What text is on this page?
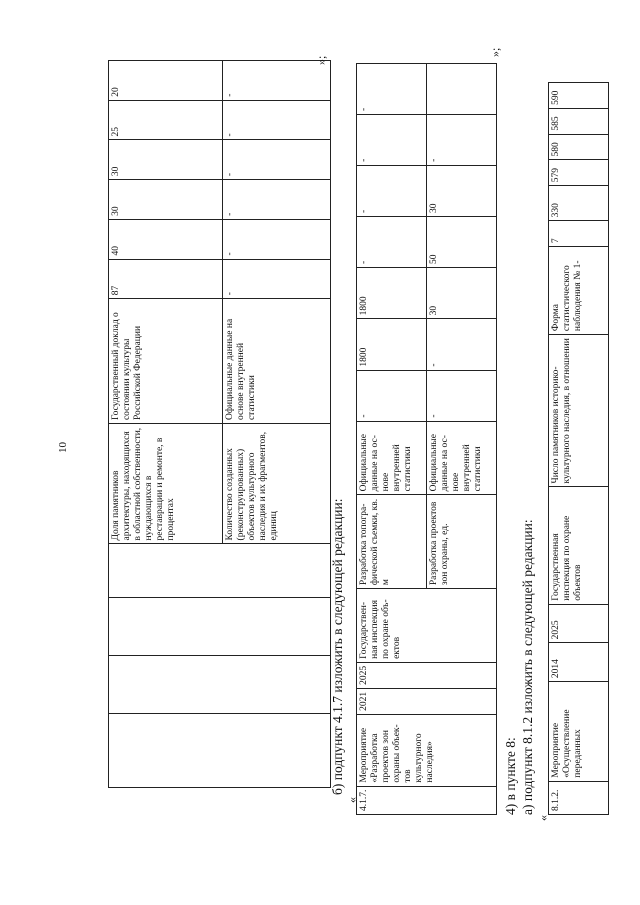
10
				Доля памятников архитектуры, находящихся в областной собственности, нуждающихся в реставрации и ремонте, в процентах	Государственный доклад о состоянии культуры Российской Федерации	87	40	30	30	25	20
				Количество созданных (реконструированных) объектов культурного наследия и их фрагментов, единиц	Официальные данные на основе внутренней статистики	-	-	-	-	-	-
»;
б) подпункт 4.1.7 изложить в следующей редакции:
« 4.1.7.	Мероприятие «Разработка проектов зон охраны объек-тов культурного наследия»	2021	2025	Государствен-ная инспекция по охране объ-ектов	Разработка топогра-фической съемки, кв. м	Официальные данные на ос-нове внутренней статистики	-	1800	1800	-	-	-	-
					Разработка проектов зон охраны, ед.	Официальные данные на ос-нове внутренней статистики	-	-	30	50	30	-	
»;
4) в пункте 8: а) подпункт 8.1.2 изложить в следующей редакции:
«
8.1.2.	Мероприятие «Осуществление переданных	2014	2025	Государственная инспекция по охране объектов	Число памятников историко-культурного наследия, в отношении	Форма статистического наблюдения № 1-	7	330	579	580	585	590
